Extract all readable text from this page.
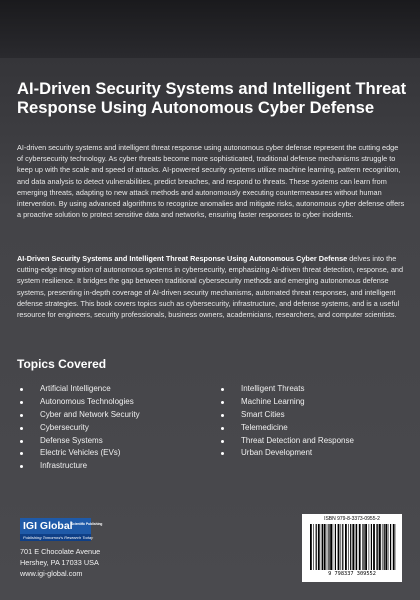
AI-Driven Security Systems and Intelligent Threat Response Using Autonomous Cyber Defense

AI-driven security systems and intelligent threat response using autonomous cyber defense represent the cutting edge of cybersecurity technology. As cyber threats become more sophisticated, traditional defense mechanisms struggle to keep up with the scale and speed of attacks. AI-powered security systems utilize machine learning, pattern recognition, and data analysis to detect vulnerabilities, predict breaches, and respond to threats. These systems can learn from emerging threats, adapting to new attack methods and autonomously executing countermeasures without human intervention. By using advanced algorithms to recognize anomalies and mitigate risks, autonomous cyber defense offers a proactive solution to protect sensitive data and networks, ensuring faster responses to cyber incidents.

AI-Driven Security Systems and Intelligent Threat Response Using Autonomous Cyber Defense delves into the cutting-edge integration of autonomous systems in cybersecurity, emphasizing AI-driven threat detection, response, and system resilience. It bridges the gap between traditional cybersecurity methods and emerging autonomous defense systems, presenting in-depth coverage of AI-driven security mechanisms, automated threat responses, and intelligent defense strategies. This book covers topics such as cybersecurity, infrastructure, and defense systems, and is a useful resource for engineers, security professionals, business owners, academicians, researchers, and computer scientists.

Topics Covered
Artificial Intelligence
Autonomous Technologies
Cyber and Network Security
Cybersecurity
Defense Systems
Electric Vehicles (EVs)
Infrastructure
Intelligent Threats
Machine Learning
Smart Cities
Telemedicine
Threat Detection and Response
Urban Development
IGI Global
Scientific Publishing
Publishing Tomorrow's Research Today
701 E Chocolate Avenue
Hershey, PA 17033 USA
www.igi-global.com
ISBN 979-8-3373-0955-2
9 798337 309552
